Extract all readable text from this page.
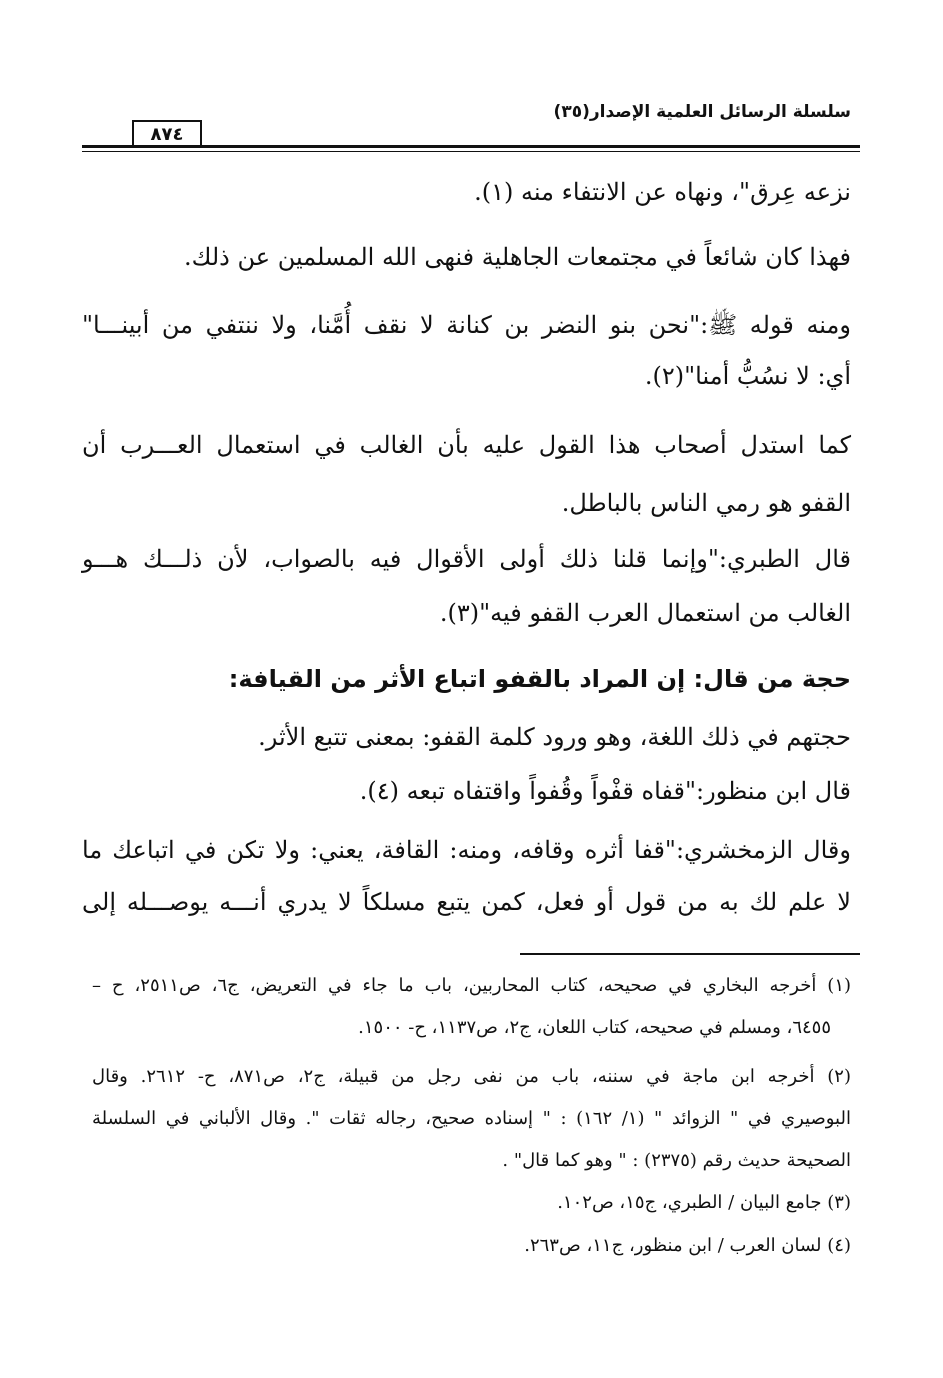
سلسلة الرسائل العلمية الإصدار(٣٥)
٨٧٤
نزعه عِرق"، ونهاه عن الانتفاء منه (١).
فهذا كان شائعاً في مجتمعات الجاهلية فنهى الله المسلمين عن ذلك.
ومنه قوله ﷺ:"نحن بنو النضر بن كنانة لا نقف أُمَّنا، ولا ننتفي من أبينـــا"
أي: لا نسُبُّ أمنا"(٢).
كما استدل أصحاب هذا القول عليه بأن الغالب في استعمال العـــرب أن
القفو هو رمي الناس بالباطل.
قال الطبري:"وإنما قلنا ذلك أولى الأقوال فيه بالصواب، لأن ذلـــك هـــو
الغالب من استعمال العرب القفو فيه"(٣).
حجة من قال: إن المراد بالقفو اتباع الأثر من القيافة:
حجتهم في ذلك اللغة، وهو ورود كلمة القفو: بمعنى تتبع الأثر.
قال ابن منظور:"قفاه قفْواً وقُفواً واقتفاه تبعه (٤).
وقال الزمخشري:"قفا أثره وقافه، ومنه: القافة، يعني: ولا تكن في اتباعك ما
لا علم لك به من قول أو فعل، كمن يتبع مسلكاً لا يدري أنـــه يوصـــله إلى
(١) أخرجه البخاري في صحيحه، كتاب المحاربين، باب ما جاء في التعريض، ج٦، ص٢٥١١، ح –
٦٤٥٥، ومسلم في صحيحه، كتاب اللعان، ج٢، ص١١٣٧، ح- ١٥٠٠.
(٢) أخرجه ابن ماجة في سننه، باب من نفى رجل من قبيلة، ج٢، ص٨٧١، ح- ٢٦١٢. وقال
البوصيري في " الزوائد " (١/ ١٦٢) : " إسناده صحيح، رجاله ثقات ". وقال الألباني في السلسلة
الصحيحة حديث رقم (٢٣٧٥) : " وهو كما قال" .
(٣) جامع البيان / الطبري، ج١٥، ص١٠٢.
(٤) لسان العرب / ابن منظور، ج١١، ص٢٦٣.
